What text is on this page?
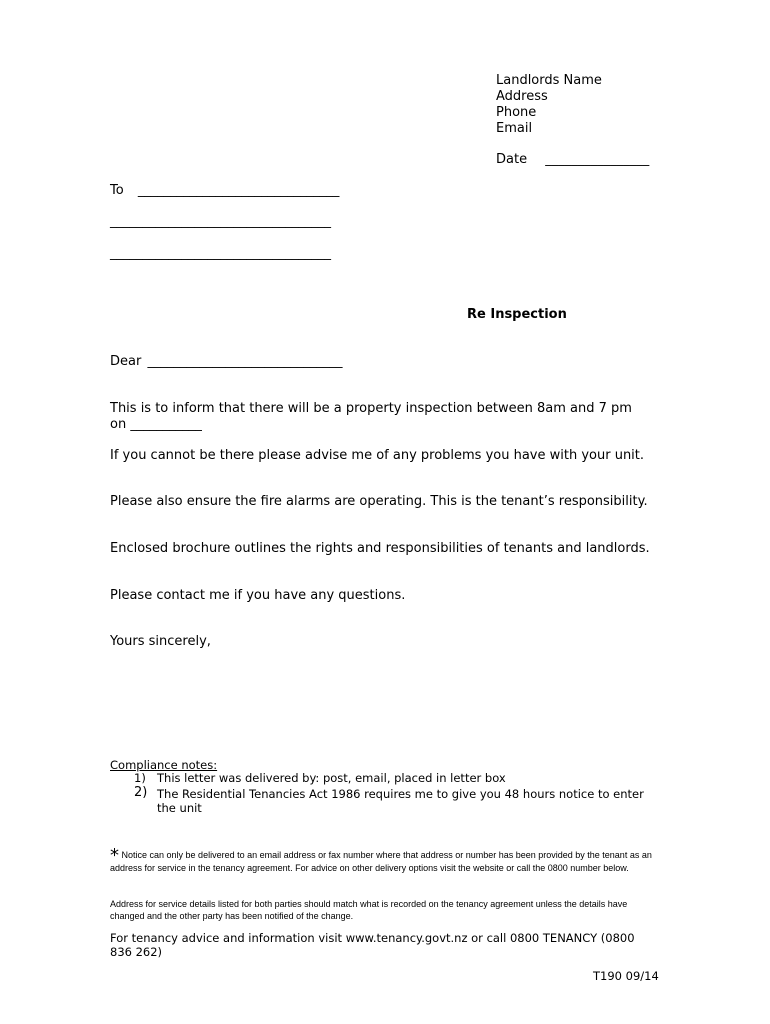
Landlords Name
Address
Phone
Email
Date ________________
To _______________________________
__________________________________
__________________________________
Re Inspection
Dear ______________________________
This is to inform that there will be a property inspection between 8am and 7 pm
on ___________
If you cannot be there please advise me of any problems you have with your unit.
Please also ensure the fire alarms are operating. This is the tenant’s responsibility.
Enclosed brochure outlines the rights and responsibilities of tenants and landlords.
Please contact me if you have any questions.
Yours sincerely,
Compliance notes:
1) This letter was delivered by: post, email, placed in letter box
2) The Residential Tenancies Act 1986 requires me to give you 48 hours notice to enter the unit
* Notice can only be delivered to an email address or fax number where that address or number has been provided by the tenant as an address for service in the tenancy agreement. For advice on other delivery options visit the website or call the 0800 number below.
Address for service details listed for both parties should match what is recorded on the tenancy agreement unless the details have changed and the other party has been notified of the change.
For tenancy advice and information visit www.tenancy.govt.nz or call 0800 TENANCY (0800 836 262)
T190 09/14
